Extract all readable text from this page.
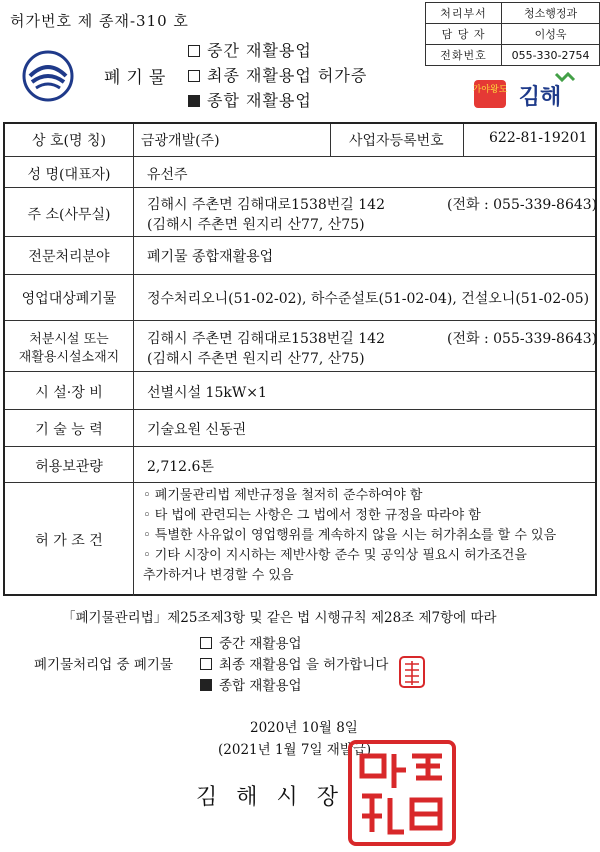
허가번호 제 종재-310 호
폐기물
중간 재활용업
최종 재활용업 허가증
종합 재활용업
처리부서	청소행정과
담 당 자	이성욱
전화번호	055-330-2754
가야왕도 김해
상 호(명 칭)	금광개발(주)	사업자등록번호	622-81-19201
성 명(대표자)	유선주
주 소(사무실)
김해시 주촌면 김해대로1538번길 142	(전화 : 055-339-8643)
(김해시 주촌면 원지리 산77, 산75)
전문처리분야	폐기물 종합재활용업
영업대상폐기물	정수처리오니(51-02-02), 하수준설토(51-02-04), 건설오니(51-02-05)
처분시설 또는
재활용시설소재지
김해시 주촌면 김해대로1538번길 142	(전화 : 055-339-8643)
(김해시 주촌면 원지리 산77, 산75)
시 설·장 비	선별시설 15kW×1
기 술 능 력	기술요원 신동권
허용보관량	2,712.6톤
허 가 조 건
◦ 폐기물관리법 제반규정을 철저히 준수하여야 함
◦ 타 법에 관련되는 사항은 그 법에서 정한 규정을 따라야 함
◦ 특별한 사유없이 영업행위를 계속하지 않을 시는 허가취소를 할 수 있음
◦ 기타 시장이 지시하는 제반사항 준수 및 공익상 필요시 허가조건을
추가하거나 변경할 수 있음
「폐기물관리법」제25조제3항 및 같은 법 시행규칙 제28조 제7항에 따라
폐기물처리업 중 폐기물
중간 재활용업
최종 재활용업 을 허가합니다
종합 재활용업
2020년 10월 8일
(2021년 1월 7일 재발급)
김 해 시 장
